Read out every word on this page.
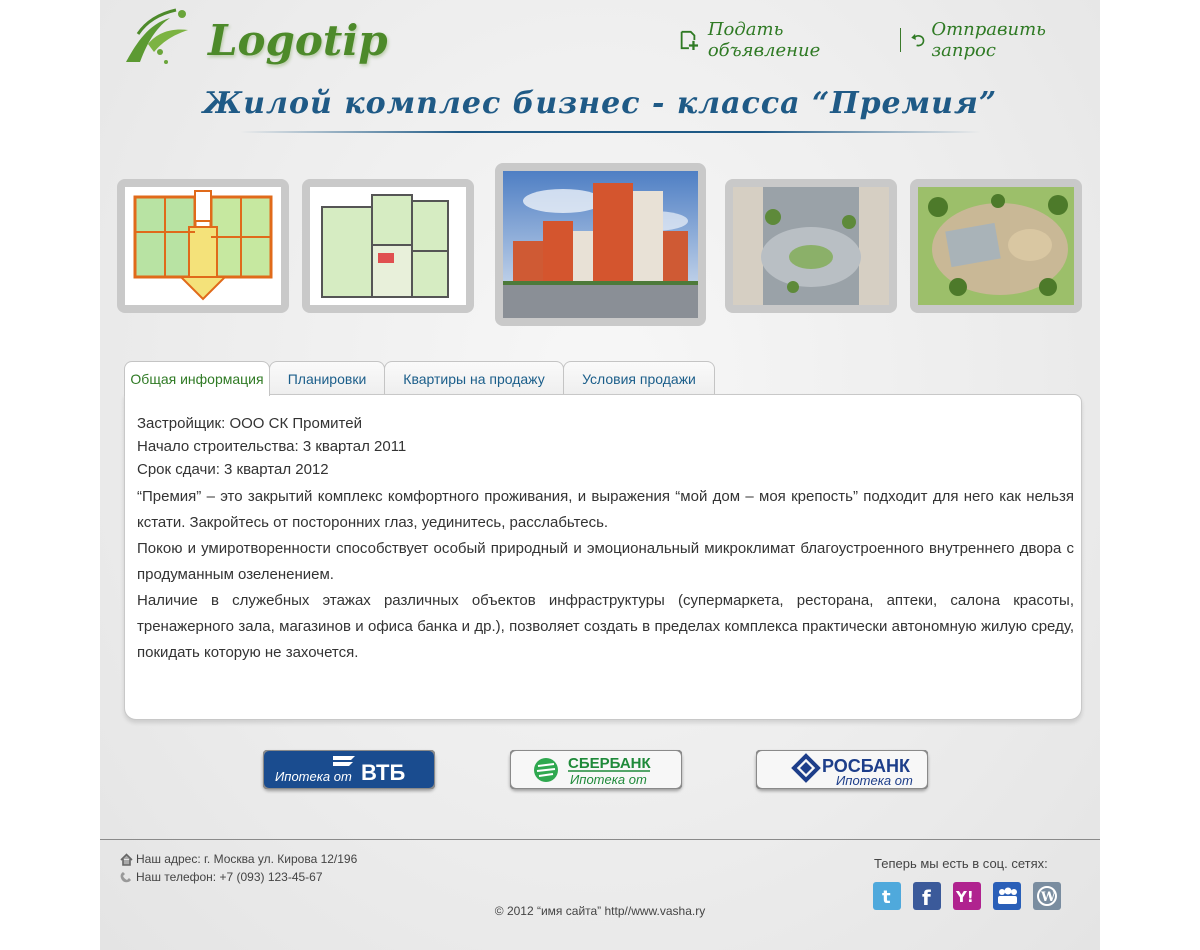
Logotip	Подать объявление
Отправить запрос
Жилой комплес бизнес - класса “Премия”
Общая информация	Планировки	Квартиры на продажу	Условия продажи
Застройщик: ООО СК Промитей
Начало строительства: 3 квартал 2011
Срок сдачи: 3 квартал 2012

“Премия” – это закрытий комплекс комфортного проживания, и выражения “мой дом – моя крепость” подходит для него как нельзя кстати. Закройтесь от посторонних глаз, уединитесь, расслабьтесь.

Покою и умиротворенности способствует особый природный и эмоциональный микроклимат благоустроенного внутреннего двора с продуманным озеленением.

Наличие в служебных этажах различных объектов инфраструктуры (супермаркета, ресторана, аптеки, салона красоты, тренажерного зала, магазинов и офиса банка и др.), позволяет создать в пределах комплекса практически автономную жилую среду, покидать которую не захочется.

Ипотека от ВТБ	СБЕРБАНК
Ипотека от
РОСБАНК
Ипотека от
Наш адрес: г. Москва ул. Кирова 12/196
Наш телефон: +7 (093) 123-45-67
Теперь мы есть в соц. сетях:
t f Y!	W
© 2012 “имя сайта” http//www.vasha.ry
